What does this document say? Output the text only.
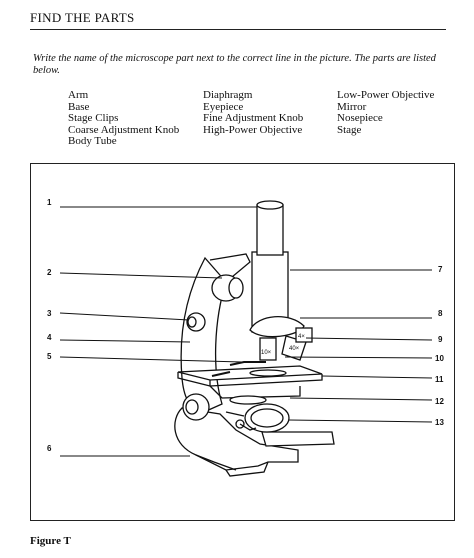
FIND THE PARTS
Write the name of the microscope part next to the correct line in the picture. The parts are listed below.
Arm
Base
Stage Clips
Coarse Adjustment Knob
Body Tube
Diaphragm
Eyepiece
Fine Adjustment Knob
High-Power Objective
Low-Power Objective
Mirror
Nosepiece
Stage
1
2
3
4
5
6
7
8
9
10
11
12
13
10×
40×
4×
Figure T
